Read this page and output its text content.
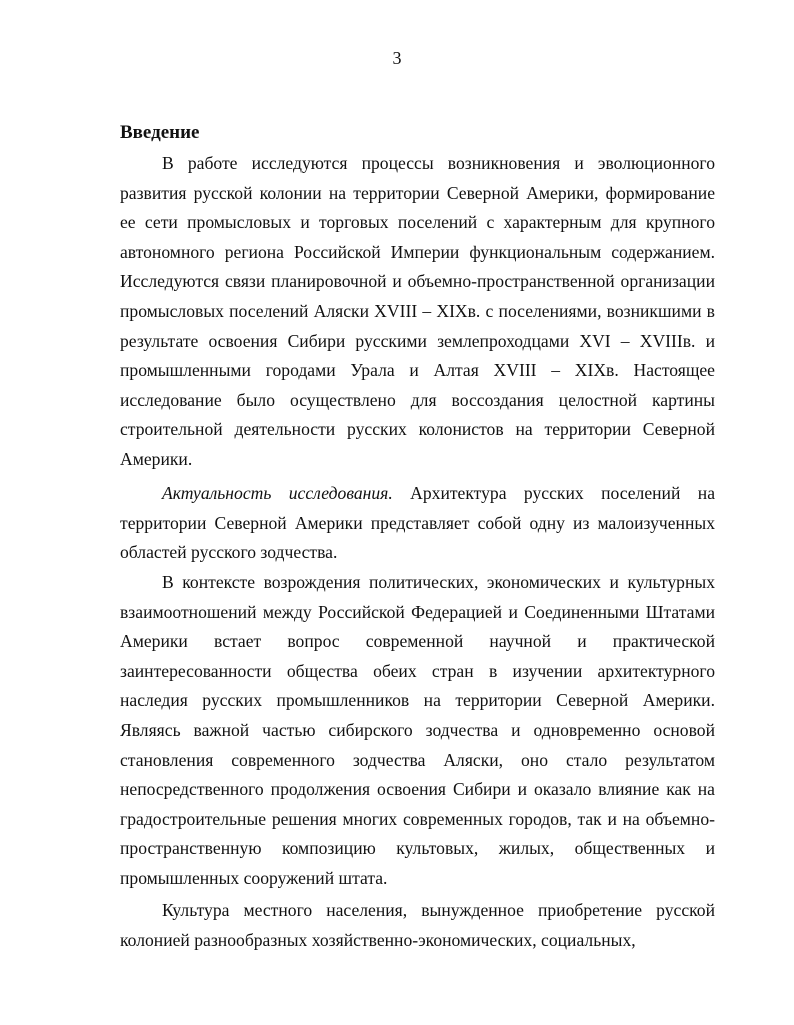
3
Введение

В работе исследуются процессы возникновения и эволюционного развития русской колонии на территории Северной Америки, формирование ее сети промысловых и торговых поселений с характерным для крупного автономного региона Российской Империи функциональным содержанием. Исследуются связи планировочной и объемно-пространственной организации промысловых поселений Аляски XVIII – XIXв. с поселениями, возникшими в результате освоения Сибири русскими землепроходцами XVI – XVIIIв. и промышленными городами Урала и Алтая XVIII – XIXв. Настоящее исследование было осуществлено для воссоздания целостной картины строительной деятельности русских колонистов на территории Северной Америки.

Актуальность исследования. Архитектура русских поселений на территории Северной Америки представляет собой одну из малоизученных областей русского зодчества.

В контексте возрождения политических, экономических и культурных взаимоотношений между Российской Федерацией и Соединенными Штатами Америки встает вопрос современной научной и практической заинтересованности общества обеих стран в изучении архитектурного наследия русских промышленников на территории Северной Америки. Являясь важной частью сибирского зодчества и одновременно основой становления современного зодчества Аляски, оно стало результатом непосредственного продолжения освоения Сибири и оказало влияние как на градостроительные решения многих современных городов, так и на объемно-пространственную композицию культовых, жилых, общественных и промышленных сооружений штата.

Культура местного населения, вынужденное приобретение русской колонией разнообразных хозяйственно-экономических, социальных,
